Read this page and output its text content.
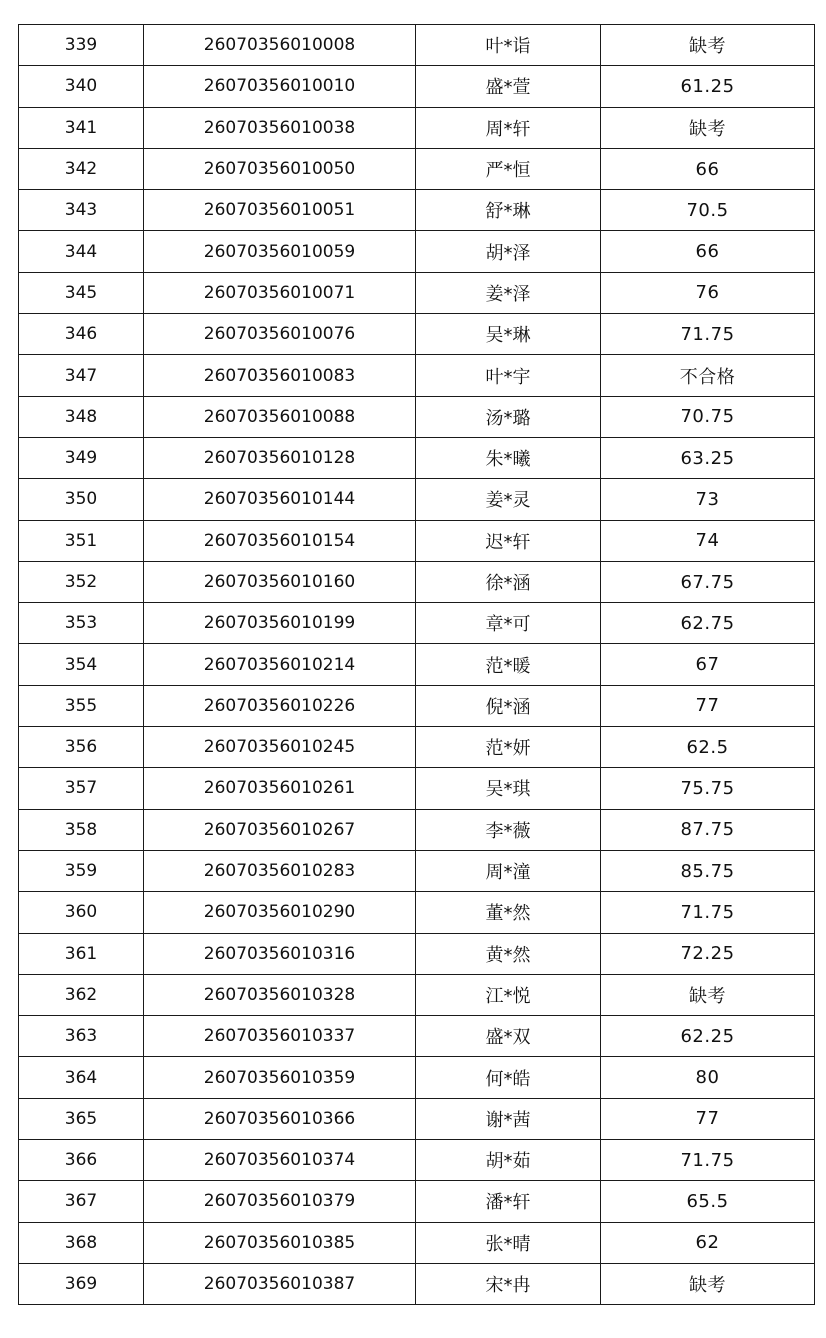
339	26070356010008	叶*诣	缺考
340	26070356010010	盛*萱	61.25
341	26070356010038	周*轩	缺考
342	26070356010050	严*恒	66
343	26070356010051	舒*琳	70.5
344	26070356010059	胡*泽	66
345	26070356010071	姜*泽	76
346	26070356010076	吴*琳	71.75
347	26070356010083	叶*宇	不合格
348	26070356010088	汤*璐	70.75
349	26070356010128	朱*曦	63.25
350	26070356010144	姜*灵	73
351	26070356010154	迟*轩	74
352	26070356010160	徐*涵	67.75
353	26070356010199	章*可	62.75
354	26070356010214	范*暖	67
355	26070356010226	倪*涵	77
356	26070356010245	范*妍	62.5
357	26070356010261	吴*琪	75.75
358	26070356010267	李*薇	87.75
359	26070356010283	周*潼	85.75
360	26070356010290	董*然	71.75
361	26070356010316	黄*然	72.25
362	26070356010328	江*悦	缺考
363	26070356010337	盛*双	62.25
364	26070356010359	何*皓	80
365	26070356010366	谢*茜	77
366	26070356010374	胡*茹	71.75
367	26070356010379	潘*轩	65.5
368	26070356010385	张*晴	62
369	26070356010387	宋*冉	缺考
